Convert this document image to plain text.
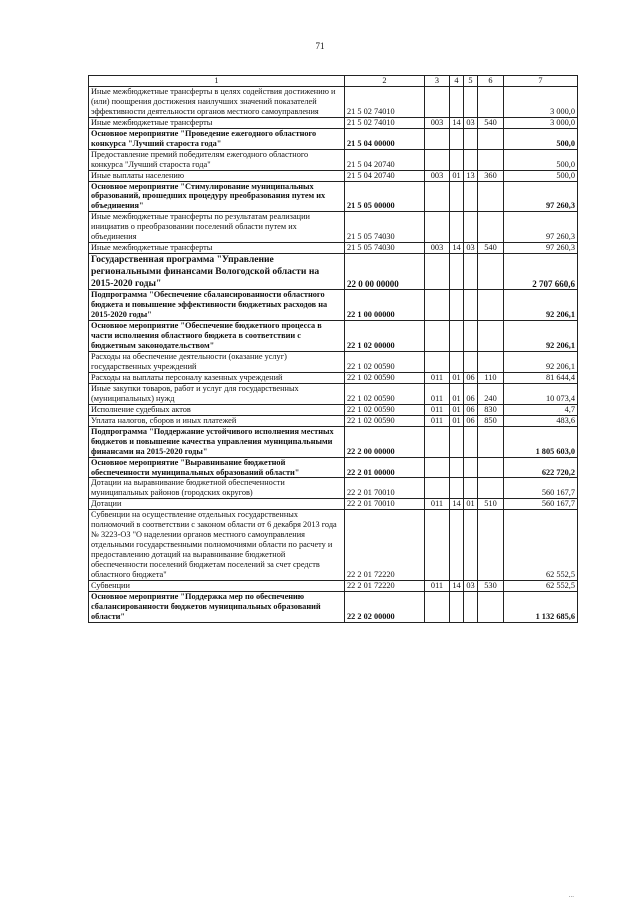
71
1	2	3	4	5	6	7
Иные межбюджетные трансферты в целях содействия достижению и (или) поощрения достижения наилучших значений показателей эффективности деятельности органов местного самоуправления	21 5 02 74010					3 000,0
Иные межбюджетные трансферты	21 5 02 74010	003	14	03	540	3 000,0
Основное мероприятие "Проведение ежегодного областного конкурса "Лучший староста года"	21 5 04 00000					500,0
Предоставление премий победителям ежегодного областного конкурса "Лучший староста года"	21 5 04 20740					500,0
Иные выплаты населению	21 5 04 20740	003	01	13	360	500,0
Основное мероприятие "Стимулирование муниципальных образований, прошедших процедуру преобразования путем их объединения"	21 5 05 00000					97 260,3
Иные межбюджетные трансферты по результатам реализации инициатив о преобразовании поселений области путем их объединения	21 5 05 74030					97 260,3
Иные межбюджетные трансферты	21 5 05 74030	003	14	03	540	97 260,3
Государственная программа "Управление региональными финансами Вологодской области на 2015-2020 годы"	22 0 00 00000					2 707 660,6
Подпрограмма "Обеспечение сбалансированности областного бюджета и повышение эффективности бюджетных расходов на 2015-2020 годы"	22 1 00 00000					92 206,1
Основное мероприятие "Обеспечение бюджетного процесса в части исполнения областного бюджета в соответствии с бюджетным законодательством"	22 1 02 00000					92 206,1
Расходы на обеспечение деятельности (оказание услуг) государственных учреждений	22 1 02 00590					92 206,1
Расходы на выплаты персоналу казенных учреждений	22 1 02 00590	011	01	06	110	81 644,4
Иные закупки товаров, работ и услуг для государственных (муниципальных) нужд	22 1 02 00590	011	01	06	240	10 073,4
Исполнение судебных актов	22 1 02 00590	011	01	06	830	4,7
Уплата налогов, сборов и иных платежей	22 1 02 00590	011	01	06	850	483,6
Подпрограмма "Поддержание устойчивого исполнения местных бюджетов и повышение качества управления муниципальными финансами на 2015-2020 годы"	22 2 00 00000					1 805 603,0
Основное мероприятие "Выравнивание бюджетной обеспеченности муниципальных образований области"	22 2 01 00000					622 720,2
Дотации на выравнивание бюджетной обеспеченности муниципальных районов (городских округов)	22 2 01 70010					560 167,7
Дотации	22 2 01 70010	011	14	01	510	560 167,7
Субвенции на осуществление отдельных государственных полномочий в соответствии с законом области от 6 декабря 2013 года № 3223-ОЗ "О наделении органов местного самоуправления отдельными государственными полномочиями области по расчету и предоставлению дотаций на выравнивание бюджетной обеспеченности поселений бюджетам поселений за счет средств областного бюджета"	22 2 01 72220					62 552,5
Субвенции	22 2 01 72220	011	14	03	530	62 552,5
Основное мероприятие "Поддержка мер по обеспечению сбалансированности бюджетов муниципальных образований области"	22 2 02 00000					1 132 685,6
...
